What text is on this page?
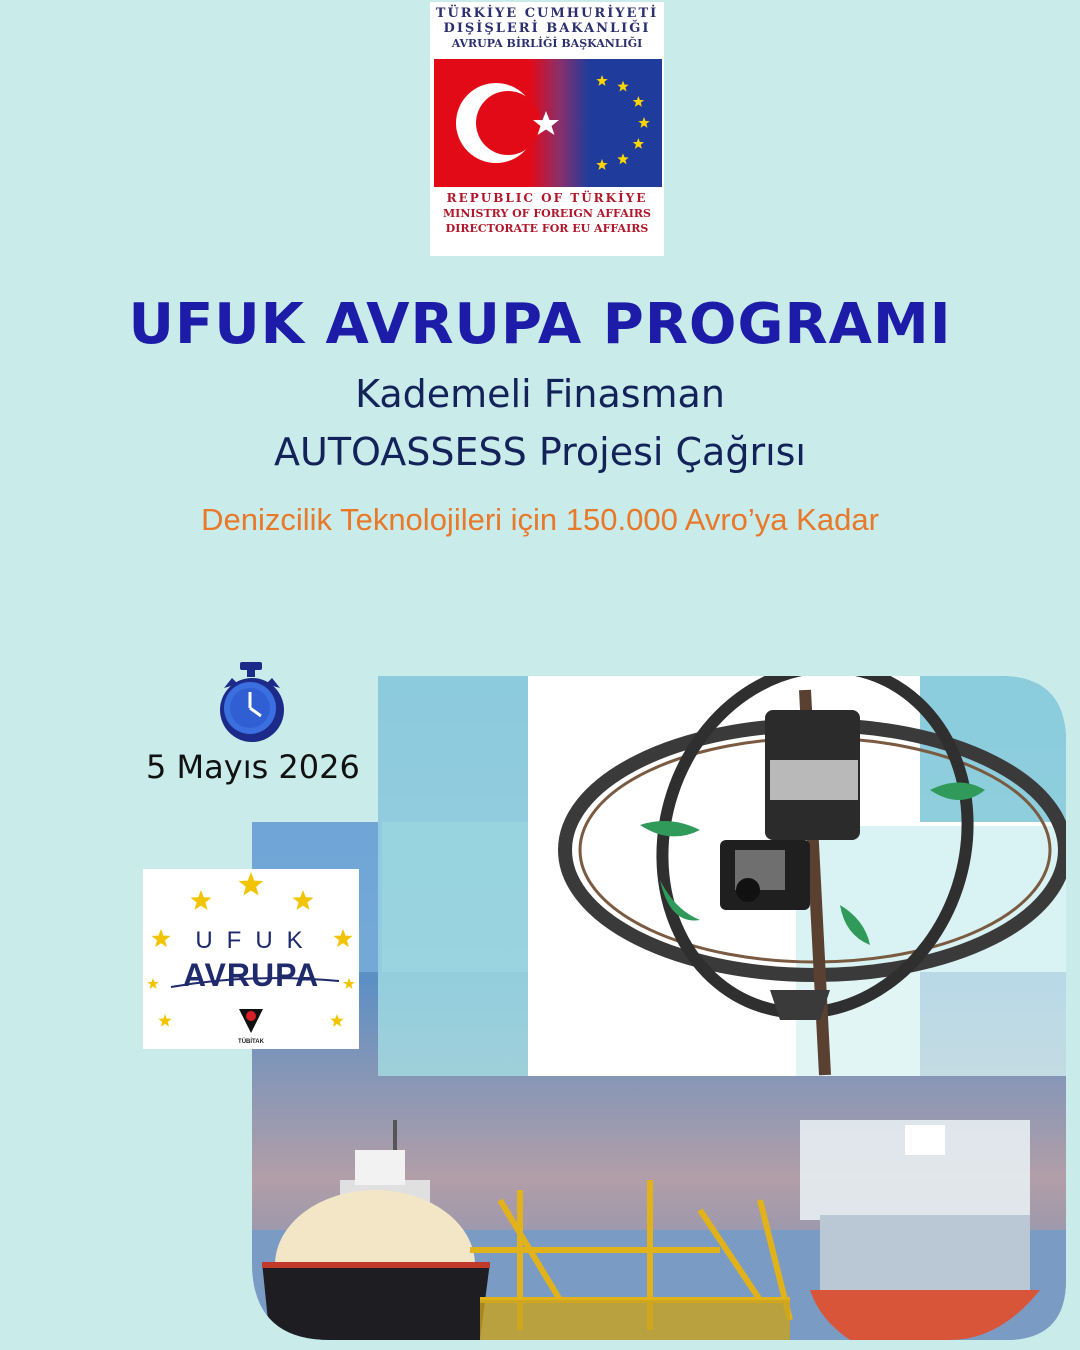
TÜRKİYE CUMHURİYETİ
DIŞİŞLERİ BAKANLIĞI
AVRUPA BİRLİĞİ BAŞKANLIĞI
REPUBLIC OF TÜRKİYE
MINISTRY OF FOREIGN AFFAIRS
DIRECTORATE FOR EU AFFAIRS
UFUK AVRUPA PROGRAMI
Kademeli Finasman
AUTOASSESS Projesi Çağrısı
Denizcilik Teknolojileri için 150.000 Avro’ya Kadar
5 Mayıs 2026
UFUK
AVRUPA
TÜBİTAK
